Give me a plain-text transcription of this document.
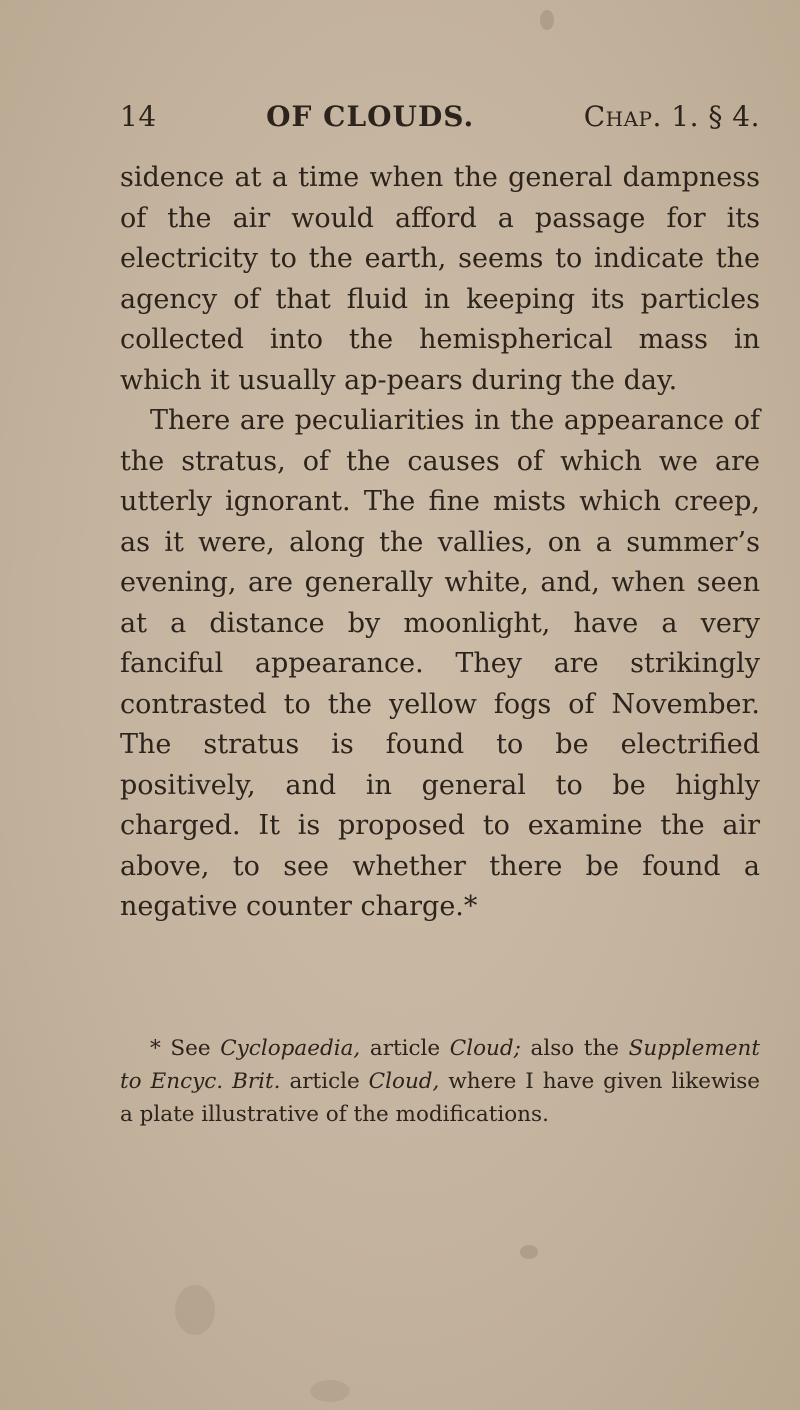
14	OF CLOUDS.	Chap. 1. § 4.

sidence at a time when the general dampness of the air would afford a passage for its electricity to the earth, seems to indicate the agency of that fluid in keeping its particles collected into the hemispherical mass in which it usually ap-pears during the day.

There are peculiarities in the appearance of the stratus, of the causes of which we are utterly ignorant. The fine mists which creep, as it were, along the vallies, on a summer’s evening, are generally white, and, when seen at a distance by moonlight, have a very fanciful appearance. They are strikingly contrasted to the yellow fogs of November. The stratus is found to be electrified positively, and in general to be highly charged. It is proposed to examine the air above, to see whether there be found a negative counter charge.*

* See Cyclopaedia, article Cloud; also the Supplement to Encyc. Brit. article Cloud, where I have given likewise a plate illustrative of the modifications.
